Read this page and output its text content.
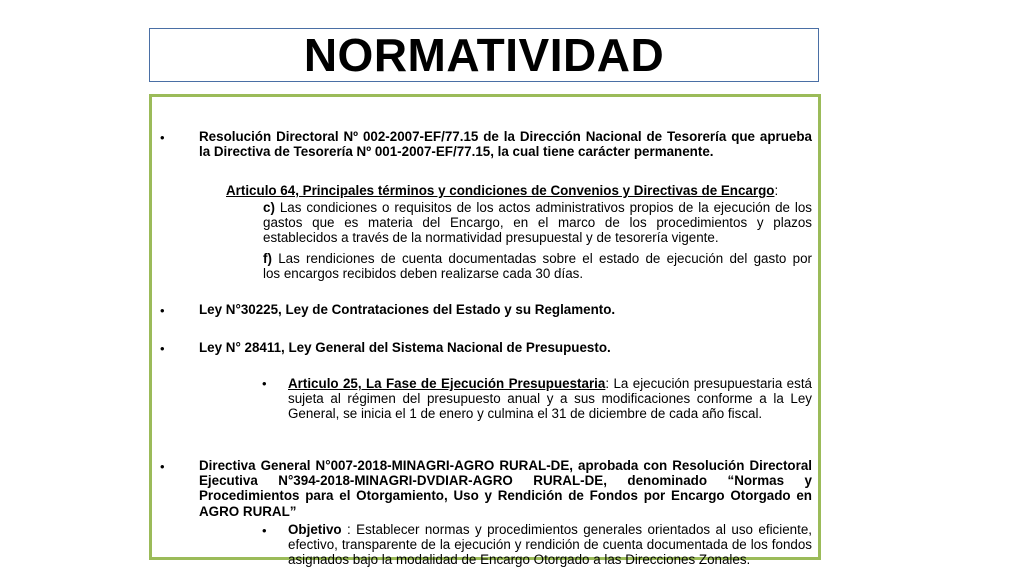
NORMATIVIDAD
•	Resolución Directoral Nº 002-2007-EF/77.15 de la Dirección Nacional de Tesorería que aprueba la Directiva de Tesorería Nº 001-2007-EF/77.15, la cual tiene carácter permanente.

Articulo 64, Principales términos y condiciones de Convenios y Directivas de Encargo:

c) Las condiciones o requisitos de los actos administrativos propios de la ejecución de los gastos que es materia del Encargo, en el marco de los procedimientos y plazos establecidos a través de la normatividad presupuestal y de tesorería vigente.

f) Las rendiciones de cuenta documentadas sobre el estado de ejecución del gasto por       los encargos recibidos deben realizarse cada 30 días.

•	Ley N°30225, Ley de Contrataciones del Estado y su Reglamento.

•	Ley N° 28411, Ley General del Sistema Nacional de Presupuesto.

• Articulo 25, La Fase de Ejecución Presupuestaria: La ejecución presupuestaria está sujeta al régimen del presupuesto anual y a sus modificaciones conforme a la Ley General, se inicia el 1 de enero y culmina el 31 de diciembre de cada año fiscal.

•	Directiva General N°007-2018-MINAGRI-AGRO RURAL-DE, aprobada con Resolución Directoral Ejecutiva N°394-2018-MINAGRI-DVDIAR-AGRO RURAL-DE, denominado “Normas y Procedimientos para el Otorgamiento, Uso y Rendición de Fondos por Encargo Otorgado en AGRO RURAL”

• Objetivo : Establecer normas y procedimientos generales orientados al uso eficiente, efectivo, transparente de la ejecución y rendición de cuenta documentada de los fondos asignados bajo la modalidad de Encargo Otorgado a las Direcciones Zonales.
